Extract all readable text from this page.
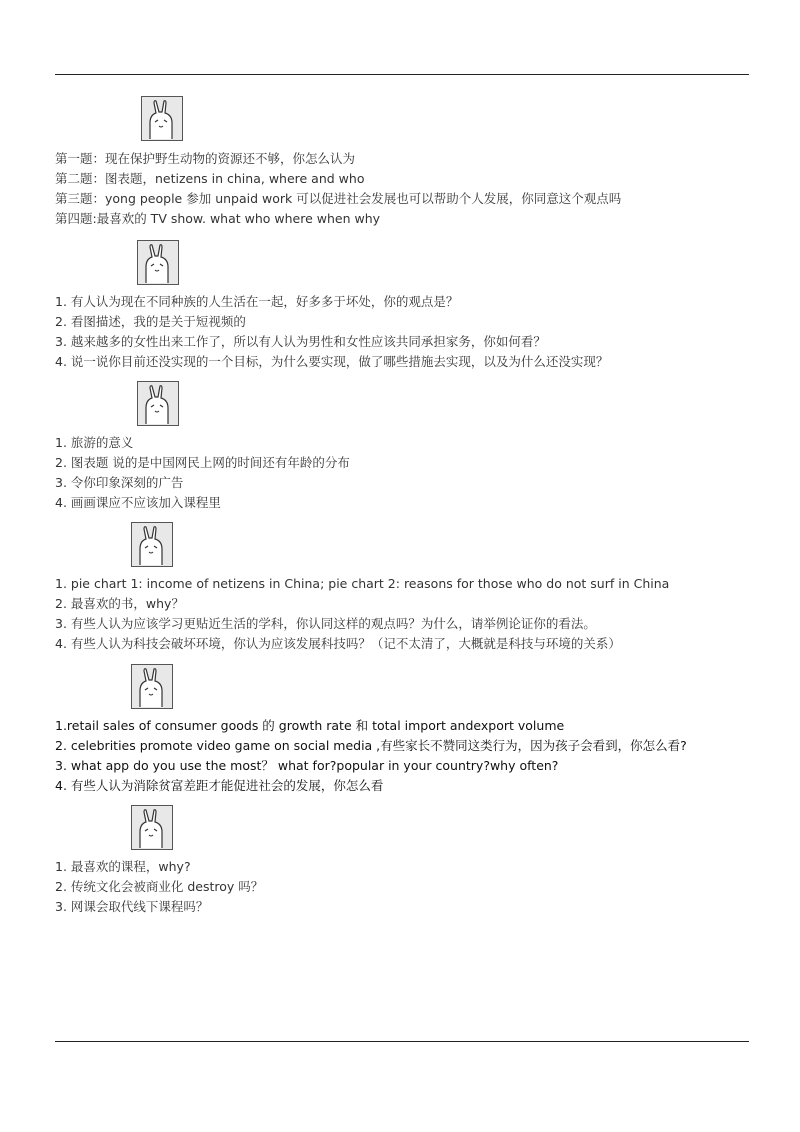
第一题：现在保护野生动物的资源还不够，你怎么认为
第二题：图表题，netizens in china, where and who
第三题：yong people 参加 unpaid work 可以促进社会发展也可以帮助个人发展，你同意这个观点吗
第四题:最喜欢的 TV show. what who where when why
1. 有人认为现在不同种族的人生活在一起，好多多于坏处，你的观点是？
2. 看图描述，我的是关于短视频的
3. 越来越多的女性出来工作了，所以有人认为男性和女性应该共同承担家务，你如何看？
4. 说一说你目前还没实现的一个目标，为什么要实现，做了哪些措施去实现，以及为什么还没实现？
1. 旅游的意义
2. 图表题 说的是中国网民上网的时间还有年龄的分布
3. 令你印象深刻的广告
4. 画画课应不应该加入课程里
1. pie chart 1: income of netizens in China; pie chart 2: reasons for those who do not surf in China
2. 最喜欢的书，why？
3. 有些人认为应该学习更贴近生活的学科，你认同这样的观点吗？为什么，请举例论证你的看法。
4. 有些人认为科技会破坏环境，你认为应该发展科技吗？（记不太清了，大概就是科技与环境的关系）
1.retail sales of consumer goods 的 growth rate 和 total import andexport volume
2. celebrities promote video game on social media ,有些家长不赞同这类行为，因为孩子会看到，你怎么看?
3. what app do you use the most？ what for?popular in your country?why often?
4. 有些人认为消除贫富差距才能促进社会的发展，你怎么看
1. 最喜欢的课程，why?
2. 传统文化会被商业化 destroy 吗？
3. 网课会取代线下课程吗？
